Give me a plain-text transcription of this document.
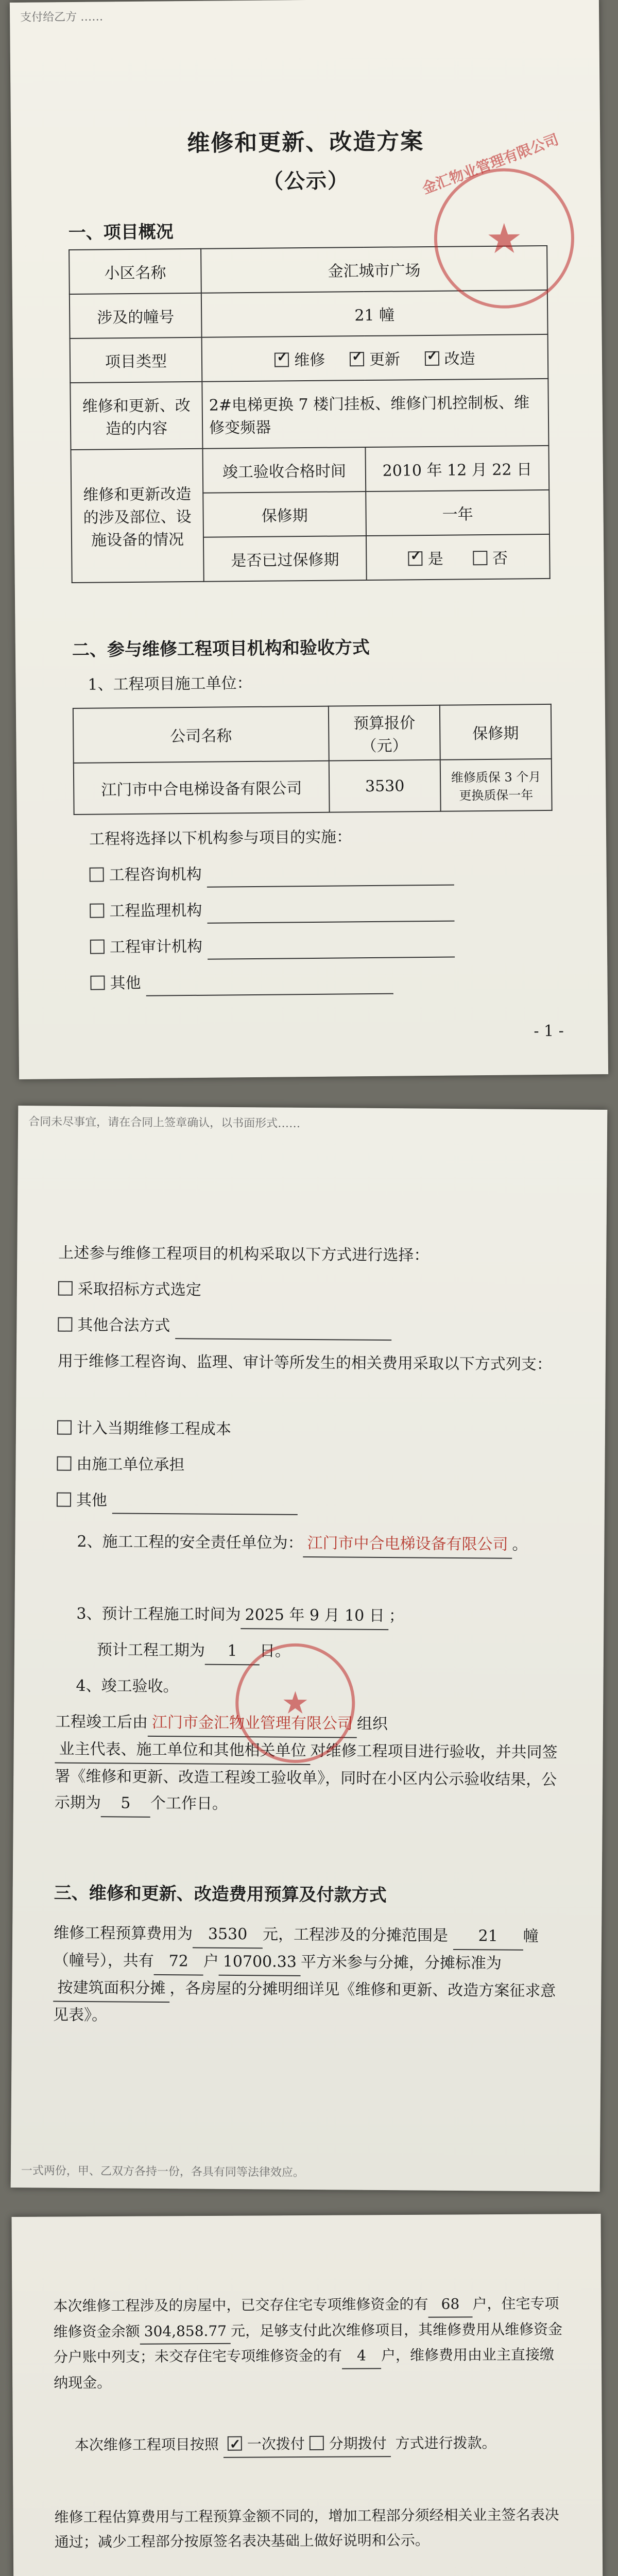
支付给乙方 ……
维修和更新、改造方案
（公示）
一、项目概况
小区名称	金汇城市广场	
涉及的幢号	21 幢	
项目类型	✓维修 ✓ 更新 ✓ 改造
维修和更新、改造的内容	2#电梯更换 7 楼门挂板、维修门机控制板、维修变频器	
维修和更新改造的涉及部位、设施设备的情况	竣工验收合格时间	2010 年 12 月 22 日
	保修期	一年
	是否已过保修期	✓是 否
★
金汇物业管理有限公司
二、参与维修工程项目机构和验收方式
1、工程项目施工单位：
公司名称	预算报价（元）	保修期
江门市中合电梯设备有限公司	3530	维修质保 3 个月更换质保一年
工程将选择以下机构参与项目的实施：
工程咨询机构
工程监理机构
工程审计机构
其他
- 1 -
合同未尽事宜，请在合同上签章确认，以书面形式……
上述参与维修工程项目的机构采取以下方式进行选择：
采取招标方式选定
其他合法方式
用于维修工程咨询、监理、审计等所发生的相关费用采取以下方式列支：
计入当期维修工程成本
由施工单位承担
其他
2、施工工程的安全责任单位为： 江门市中合电梯设备有限公司 。
3、预计工程施工时间为 2025 年 9 月 10 日 ；
预计工程工期为 1 日。
4、竣工验收。
工程竣工后由 江门市金汇物业管理有限公司 组织 业主代表、施工单位和其他相关单位 对维修工程项目进行验收，并共同签署《维修和更新、改造工程竣工验收单》，同时在小区内公示验收结果，公示期为 5 个工作日。
★
三、维修和更新、改造费用预算及付款方式
维修工程预算费用为 3530 元，工程涉及的分摊范围是 21 幢（幢号），共有 72 户 10700.33 平方米参与分摊，分摊标准为按建筑面积分摊 ，各房屋的分摊明细详见《维修和更新、改造方案征求意见表》。
一式两份，甲、乙双方各持一份，各具有同等法律效应。
本次维修工程涉及的房屋中，已交存住宅专项维修资金的有 68 户，住宅专项维修资金余额 304,858.77 元，足够支付此次维修项目，其维修费用从维修资金分户账中列支；未交存住宅专项维修资金的有 4 户，维修费用由业主直接缴纳现金。
本次维修工程项目按照 ✓ 一次拨付 分期拨付 方式进行拨款。
维修工程估算费用与工程预算金额不同的，增加工程部分须经相关业主签名表决通过；减少工程部分按原签名表决基础上做好说明和公示。
